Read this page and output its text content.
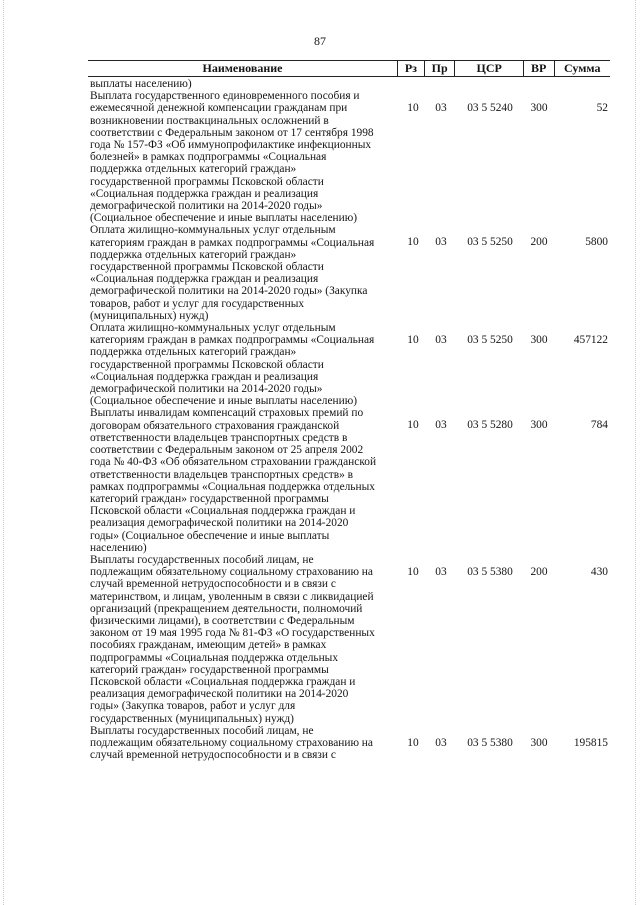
87
Наименование	Рз	Пр	ЦСР	ВР	Сумма
выплаты населению)
Выплата государственного единовременного пособия и
ежемесячной денежной компенсации гражданам при
возникновении поствакцинальных осложнений в
соответствии с Федеральным законом от 17 сентября 1998
года № 157-ФЗ «Об иммунопрофилактике инфекционных
болезней» в рамках подпрограммы «Социальная
поддержка отдельных категорий граждан»
государственной программы Псковской области
«Социальная поддержка граждан и реализация
демографической политики на 2014-2020 годы»
(Социальное обеспечение и иные выплаты населению)
10	03	03 5 5240	300	52
Оплата жилищно-коммунальных услуг отдельным
категориям граждан в рамках подпрограммы «Социальная
поддержка отдельных категорий граждан»
государственной программы Псковской области
«Социальная поддержка граждан и реализация
демографической политики на 2014-2020 годы» (Закупка
товаров, работ и услуг для государственных
(муниципальных) нужд)
10	03	03 5 5250	200	5800
Оплата жилищно-коммунальных услуг отдельным
категориям граждан в рамках подпрограммы «Социальная
поддержка отдельных категорий граждан»
государственной программы Псковской области
«Социальная поддержка граждан и реализация
демографической политики на 2014-2020 годы»
(Социальное обеспечение и иные выплаты населению)
10	03	03 5 5250	300	457122
Выплаты инвалидам компенсаций страховых премий по
договорам обязательного страхования гражданской
ответственности владельцев транспортных средств в
соответствии с Федеральным законом от 25 апреля 2002
года № 40-ФЗ «Об обязательном страховании гражданской
ответственности владельцев транспортных средств» в
рамках подпрограммы «Социальная поддержка отдельных
категорий граждан» государственной программы
Псковской области «Социальная поддержка граждан и
реализация демографической политики на 2014-2020
годы» (Социальное обеспечение и иные выплаты
населению)
10	03	03 5 5280	300	784
Выплаты государственных пособий лицам, не
подлежащим обязательному социальному страхованию на
случай временной нетрудоспособности и в связи с
материнством, и лицам, уволенным в связи с ликвидацией
организаций (прекращением деятельности, полномочий
физическими лицами), в соответствии с Федеральным
законом от 19 мая 1995 года № 81-ФЗ «О государственных
пособиях гражданам, имеющим детей» в рамках
подпрограммы «Социальная поддержка отдельных
категорий граждан» государственной программы
Псковской области «Социальная поддержка граждан и
реализация демографической политики на 2014-2020
годы» (Закупка товаров, работ и услуг для
государственных (муниципальных) нужд)
10	03	03 5 5380	200	430
Выплаты государственных пособий лицам, не
подлежащим обязательному социальному страхованию на
случай временной нетрудоспособности и в связи с
10	03	03 5 5380	300	195815
